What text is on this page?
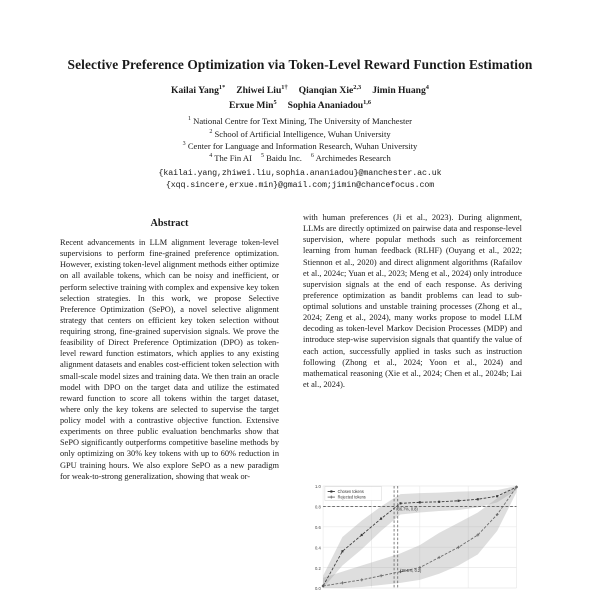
Selective Preference Optimization via Token-Level Reward Function Estimation
Kailai Yang$^{1*}$ Zhiwei Liu$^{1\dagger}$ Qianqian Xie$^{2,3}$ Jimin Huang$^4$
Erxue Min$^5$ Sophia Ananiadou$^{1,6}$
$^1$ National Centre for Text Mining, The University of Manchester
$^2$ School of Artificial Intelligence, Wuhan University
$^3$ Center for Language and Information Research, Wuhan University
$^4$ The Fin AI $^5$ Baidu Inc. $^6$ Archimedes Research
{kailai.yang,zhiwei.liu,sophia.ananiadou}@manchester.ac.uk
{xqq.sincere,erxue.min}@gmail.com;jimin@chancefocus.com
Abstract

Recent advancements in LLM alignment leverage token-level supervisions to perform fine-grained preference optimization. However, existing token-level alignment methods either optimize on all available tokens, which can be noisy and inefficient, or perform selective training with complex and expensive key token selection strategies. In this work, we propose Selective Preference Optimization (SePO), a novel selective alignment strategy that centers on efficient key token selection without requiring strong, fine-grained supervision signals. We prove the feasibility of Direct Preference Optimization (DPO) as token-level reward function estimators, which applies to any existing alignment datasets and enables cost-efficient token selection with small-scale model sizes and training data. We then train an oracle model with DPO on the target data and utilize the estimated reward function to score all tokens within the target dataset, where only the key tokens are selected to supervise the target policy model with a contrastive objective function. Extensive experiments on three public evaluation benchmarks show that SePO significantly outperforms competitive baseline methods by only optimizing on 30% key tokens with up to 60% reduction in GPU training hours. We also explore SePO as a new paradigm for weak-to-strong generalization, showing that weak or-

with human preferences (Ji et al., 2023). During alignment, LLMs are directly optimized on pairwise data and response-level supervision, where popular methods such as reinforcement learning from human feedback (RLHF) (Ouyang et al., 2022; Stiennon et al., 2020) and direct alignment algorithms (Rafailov et al., 2024c; Yuan et al., 2023; Meng et al., 2024) only introduce supervision signals at the end of each response. As deriving preference optimization as bandit problems can lead to sub-optimal solutions and unstable training processes (Zhong et al., 2024; Zeng et al., 2024), many works propose to model LLM decoding as token-level Markov Decision Processes (MDP) and introduce step-wise supervision signals that quantify the value of each action, successfully applied in tasks such as instruction following (Zhong et al., 2024; Yoon et al., 2024) and mathematical reasoning (Xie et al., 2024; Chen et al., 2024b; Lai et al., 2024).

1.0
0.8
0.6
0.4
0.2
0.0
(36.7%, 0.8)
(38.6%, 0.2)
Chosen tokens
Rejected tokens
